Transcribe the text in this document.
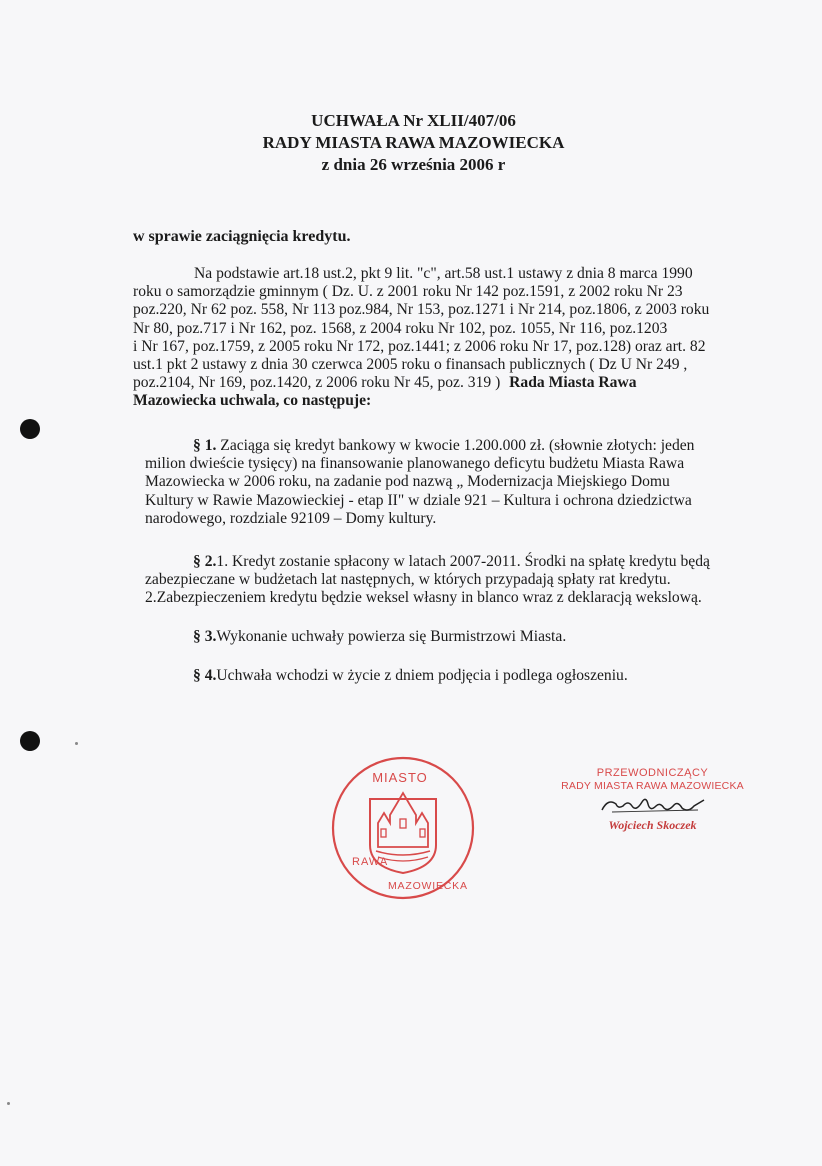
UCHWAŁA Nr XLII/407/06
RADY MIASTA RAWA MAZOWIECKA
z dnia 26 września 2006 r
w sprawie zaciągnięcia kredytu.

Na podstawie art.18 ust.2, pkt 9 lit. "c", art.58 ust.1 ustawy z dnia 8 marca 1990

roku o samorządzie gminnym ( Dz. U. z 2001 roku Nr 142 poz.1591, z 2002 roku Nr 23

poz.220, Nr 62 poz. 558, Nr 113 poz.984, Nr 153, poz.1271 i Nr 214, poz.1806, z 2003 roku

Nr 80, poz.717 i Nr 162, poz. 1568, z 2004 roku Nr 102, poz. 1055, Nr 116, poz.1203

i Nr 167, poz.1759, z 2005 roku Nr 172, poz.1441; z 2006 roku Nr 17, poz.128) oraz art. 82

ust.1 pkt 2 ustawy z dnia 30 czerwca 2005 roku o finansach publicznych ( Dz U Nr 249 ,

poz.2104, Nr 169, poz.1420, z 2006 roku Nr 45, poz. 319 ) Rada Miasta Rawa

Mazowiecka uchwala, co następuje:

§ 1. Zaciąga się kredyt bankowy w kwocie 1.200.000 zł. (słownie złotych: jeden

milion dwieście tysięcy) na finansowanie planowanego deficytu budżetu Miasta Rawa

Mazowiecka w 2006 roku, na zadanie pod nazwą „ Modernizacja Miejskiego Domu

Kultury w Rawie Mazowieckiej - etap II" w dziale 921 – Kultura i ochrona dziedzictwa

narodowego, rozdziale 92109 – Domy kultury.

§ 2.1. Kredyt zostanie spłacony w latach 2007-2011. Środki na spłatę kredytu będą

zabezpieczane w budżetach lat następnych, w których przypadają spłaty rat kredytu.

2.Zabezpieczeniem kredytu będzie weksel własny in blanco wraz z deklaracją wekslową.

§ 3.Wykonanie uchwały powierza się Burmistrzowi Miasta.

§ 4.Uchwała wchodzi w życie z dniem podjęcia i podlega ogłoszeniu.

MIASTO
RAWA
MAZOWIECKA
PRZEWODNICZĄCY
RADY MIASTA RAWA MAZOWIECKA
Wojciech Skoczek
